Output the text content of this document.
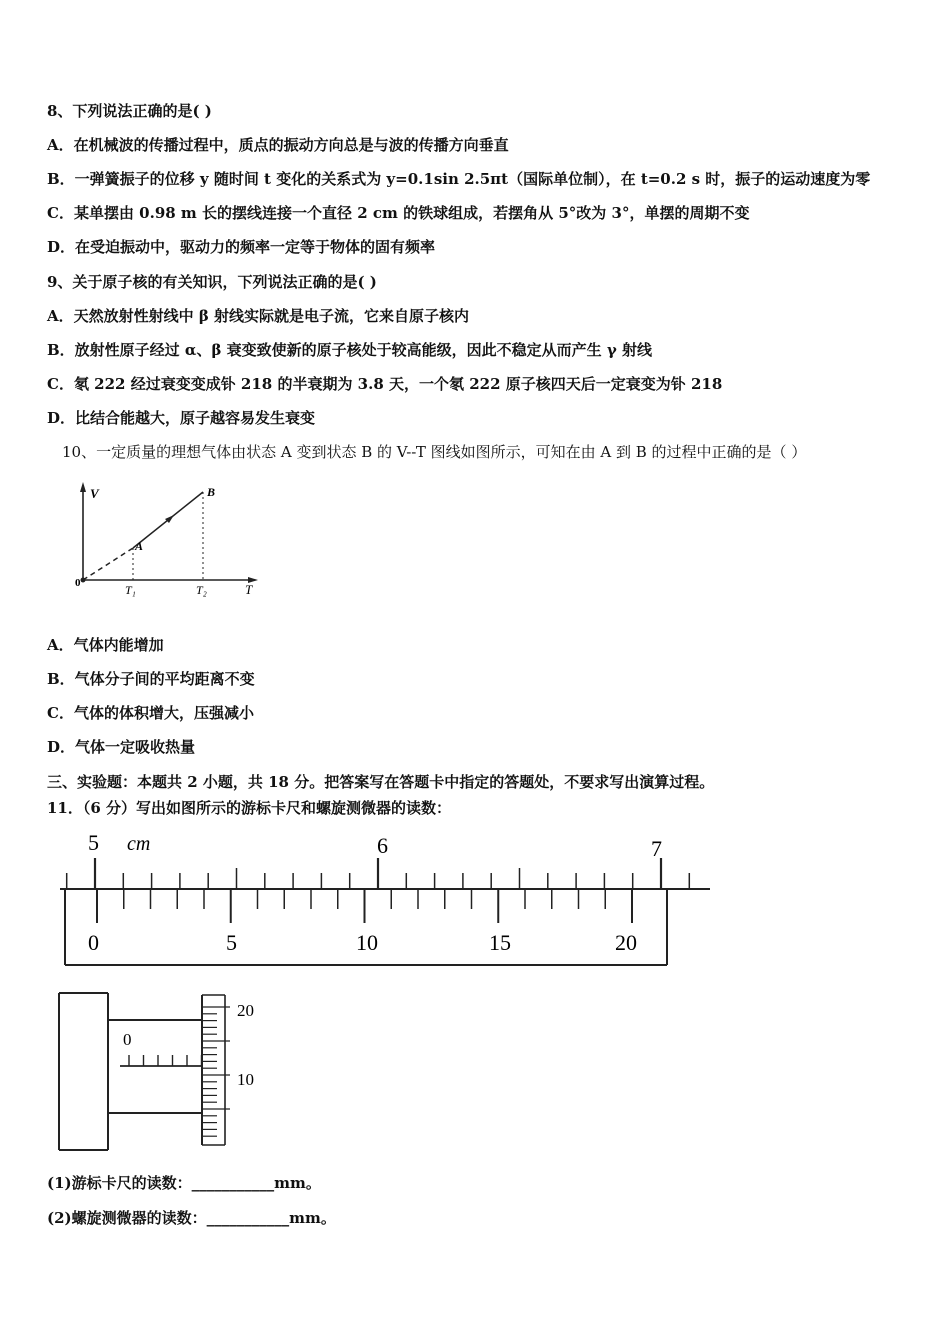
8、下列说法正确的是( )
A．在机械波的传播过程中，质点的振动方向总是与波的传播方向垂直
B．一弹簧振子的位移 y 随时间 t 变化的关系式为 y=0.1sin 2.5πt（国际单位制），在 t=0.2 s 时，振子的运动速度为零
C．某单摆由 0.98 m 长的摆线连接一个直径 2 cm 的铁球组成，若摆角从 5°改为 3°，单摆的周期不变
D．在受迫振动中，驱动力的频率一定等于物体的固有频率
9、关于原子核的有关知识，下列说法正确的是( )
A．天然放射性射线中 β 射线实际就是电子流，它来自原子核内
B．放射性原子经过 α、β 衰变致使新的原子核处于较高能级，因此不稳定从而产生 γ 射线
C．氡 222 经过衰变变成钋 218 的半衰期为 3.8 天，一个氡 222 原子核四天后一定衰变为钋 218
D．比结合能越大，原子越容易发生衰变
10、一定质量的理想气体由状态 A 变到状态 B 的 V--T 图线如图所示，可知在由 A 到 B 的过程中正确的是（ ）
V
T
0
A
B
T₁	T₂
A．气体内能增加
B．气体分子间的平均距离不变
C．气体的体积增大，压强减小
D．气体一定吸收热量
三、实验题：本题共 2 小题，共 18 分。把答案写在答题卡中指定的答题处，不要求写出演算过程。
11．（6 分）写出如图所示的游标卡尺和螺旋测微器的读数：
5 cm	6	7
0	5	10	15	20
0
20
10
(1)游标卡尺的读数：___________mm。
(2)螺旋测微器的读数：___________mm。
